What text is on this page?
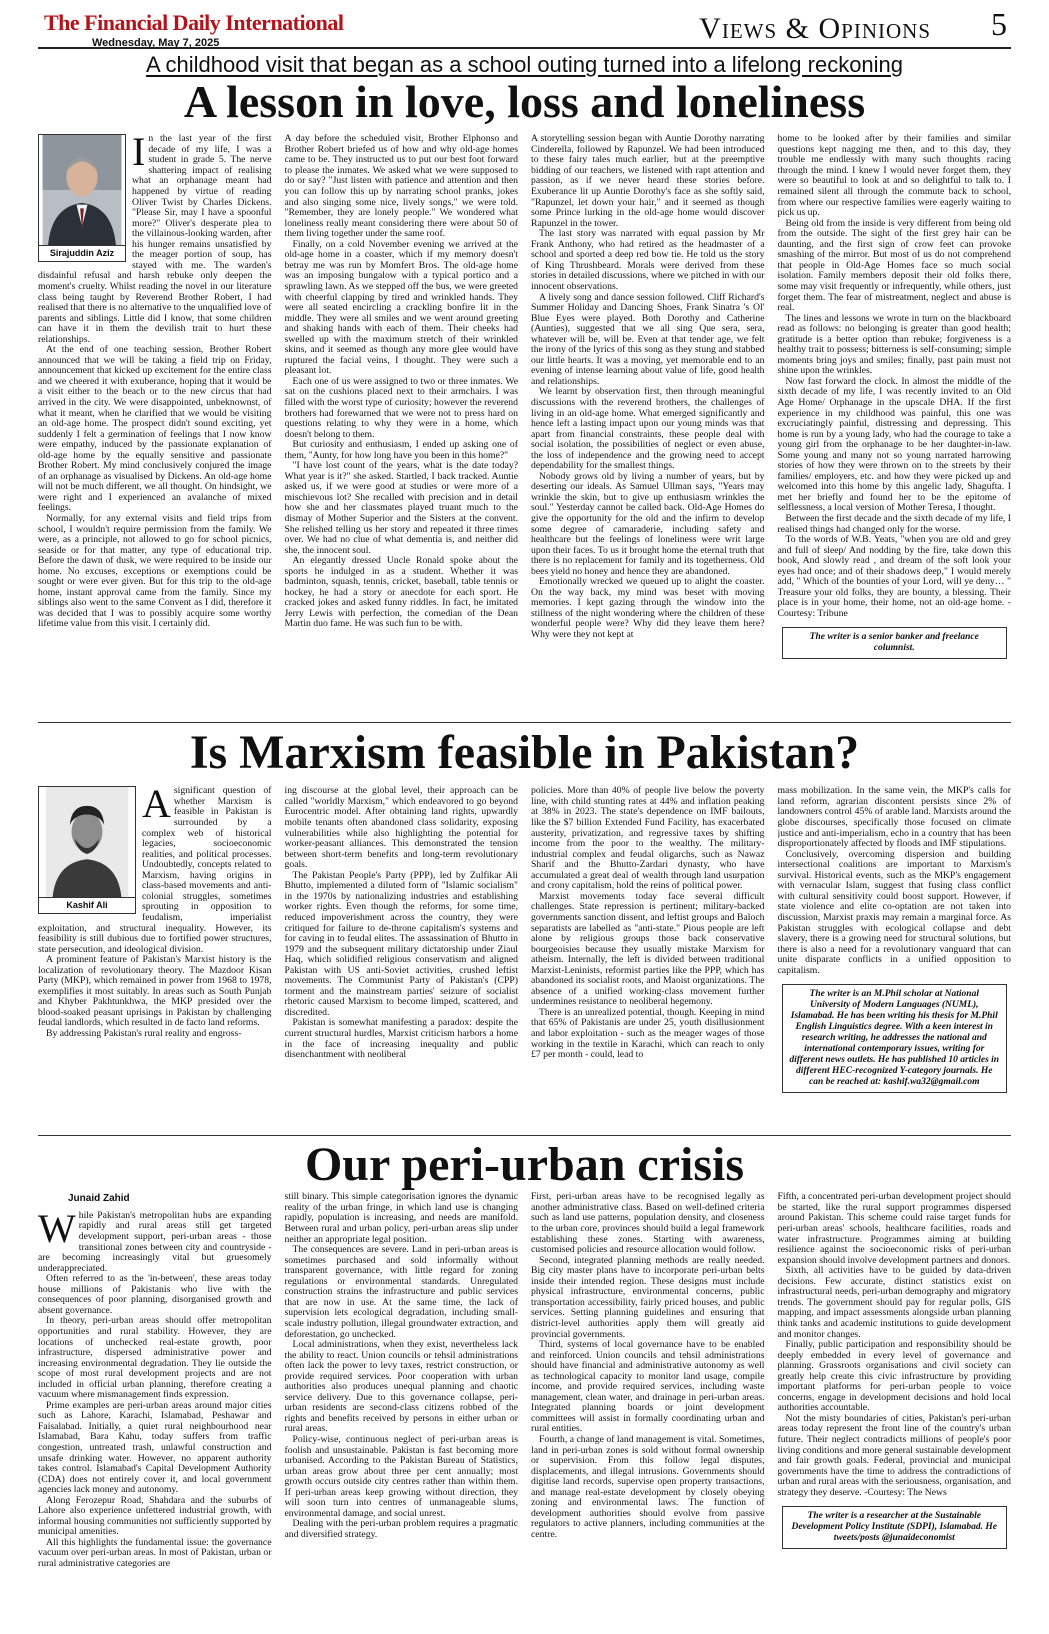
The Financial Daily International
Wednesday, May 7, 2025	Views & Opinions 5
A childhood visit that began as a school outing turned into a lifelong reckoning
A lesson in love, loss and loneliness
Sirajuddin Aziz

In the last year of the first decade of my life, I was a student in grade 5. The nerve shattering impact of realising what an orphanage meant had happened by virtue of reading Oliver Twist by Charles Dickens. "Please Sir, may I have a spoonful more?" Oliver's desperate plea to the villainous-looking warden, after his hunger remains unsatisfied by the meager portion of soup, has stayed with me. The warden's disdainful refusal and harsh rebuke only deepen the moment's cruelty. Whilst reading the novel in our literature class being taught by Reverend Brother Robert, I had realised that there is no alternative to the unqualified love of parents and siblings. Little did I know, that some children can have it in them the devilish trait to hurt these relationships.

At the end of one teaching session, Brother Robert announced that we will be taking a field trip on Friday, announcement that kicked up excitement for the entire class and we cheered it with exuberance, hoping that it would be a visit either to the beach or to the new circus that had arrived in the city. We were disappointed, unbeknownst, of what it meant, when he clarified that we would be visiting an old-age home. The prospect didn't sound exciting, yet suddenly I felt a germination of feelings that I now know were empathy, induced by the passionate explanation of old-age home by the equally sensitive and passionate Brother Robert. My mind conclusively conjured the image of an orphanage as visualised by Dickens. An old-age home will not be much different, we all thought. On hindsight, we were right and I experienced an avalanche of mixed feelings.

Normally, for any external visits and field trips from school, I wouldn't require permission from the family. We were, as a principle, not allowed to go for school picnics, seaside or for that matter, any type of educational trip. Before the dawn of dusk, we were required to be inside our home. No excuses, exceptions or exemptions could be sought or were ever given. But for this trip to the old-age home, instant approval came from the family. Since my siblings also went to the same Convent as I did, therefore it was decided that I was to possibly acquire some worthy lifetime value from this visit. I certainly did.

A day before the scheduled visit, Brother Elphonso and Brother Robert briefed us of how and why old-age homes came to be. They instructed us to put our best foot forward to please the inmates. We asked what we were supposed to do or say? "Just listen with patience and attention and then you can follow this up by narrating school pranks, jokes and also singing some nice, lively songs," we were told. "Remember, they are lonely people." We wondered what loneliness really meant considering there were about 50 of them living together under the same roof.

Finally, on a cold November evening we arrived at the old-age home in a coaster, which if my memory doesn't betray me was run by Momfert Bros. The old-age home was an imposing bungalow with a typical portico and a sprawling lawn. As we stepped off the bus, we were greeted with cheerful clapping by tired and wrinkled hands. They were all seated encircling a crackling bonfire lit in the middle. They were all smiles and we went around greeting and shaking hands with each of them. Their cheeks had swelled up with the maximum stretch of their wrinkled skins, and it seemed as though any more glee would have ruptured the facial veins, I thought. They were such a pleasant lot.

Each one of us were assigned to two or three inmates. We sat on the cushions placed next to their armchairs. I was filled with the worst type of curiosity; however the reverend brothers had forewarned that we were not to press hard on questions relating to why they were in a home, which doesn't belong to them.

But curiosity and enthusiasm, I ended up asking one of them, "Aunty, for how long have you been in this home?"

"I have lost count of the years, what is the date today? What year is it?" she asked. Startled, I back tracked. Auntie asked us, if we were good at studies or were more of a mischievous lot? She recalled with precision and in detail how she and her classmates played truant much to the dismay of Mother Superior and the Sisters at the convent. She relished telling us her story and repeated it three times over. We had no clue of what dementia is, and neither did she, the innocent soul.

An elegantly dressed Uncle Ronald spoke about the sports he indulged in as a student. Whether it was badminton, squash, tennis, cricket, baseball, table tennis or hockey, he had a story or anecdote for each sport. He cracked jokes and asked funny riddles. In fact, he imitated Jerry Lewis with perfection, the comedian of the Dean Martin duo fame. He was such fun to be with.

A storytelling session began with Auntie Dorothy narrating Cinderella, followed by Rapunzel. We had been introduced to these fairy tales much earlier, but at the preemptive bidding of our teachers, we listened with rapt attention and passion, as if we never heard these stories before. Exuberance lit up Auntie Dorothy's face as she softly said, "Rapunzel, let down your hair," and it seemed as though some Prince lurking in the old-age home would discover Rapunzel in the tower.

The last story was narrated with equal passion by Mr Frank Anthony, who had retired as the headmaster of a school and sported a deep red bow tie. He told us the story of King Thrushbeard. Morals were derived from these stories in detailed discussions, where we pitched in with our innocent observations.

A lively song and dance session followed. Cliff Richard's Summer Holiday and Dancing Shoes, Frank Sinatra 's Ol' Blue Eyes were played. Both Dorothy and Catherine (Aunties), suggested that we all sing Que sera, sera, whatever will be, will be. Even at that tender age, we felt the irony of the lyrics of this song as they stung and stabbed our little hearts. It was a moving, yet memorable end to an evening of intense learning about value of life, good health and relationships.

We learnt by observation first, then through meaningful discussions with the reverend brothers, the challenges of living in an old-age home. What emerged significantly and hence left a lasting impact upon our young minds was that apart from financial constraints, these people deal with social isolation, the possibilities of neglect or even abuse, the loss of independence and the growing need to accept dependability for the smallest things.

Nobody grows old by living a number of years, but by deserting our ideals. As Samuel Ullman says, "Years may wrinkle the skin, but to give up enthusiasm wrinkles the soul." Yesterday cannot be called back. Old-Age Homes do give the opportunity for the old and the infirm to develop some degree of camaraderie, including safety and healthcare but the feelings of loneliness were writ large upon their faces. To us it brought home the eternal truth that there is no replacement for family and its togetherness. Old bees yield no honey and hence they are abandoned.

Emotionally wrecked we queued up to alight the coaster. On the way back, my mind was beset with moving memories. I kept gazing through the window into the stillness of the night wondering where the children of these wonderful people were? Why did they leave them here? Why were they not kept at

home to be looked after by their families and similar questions kept nagging me then, and to this day, they trouble me endlessly with many such thoughts racing through the mind. I knew I would never forget them, they were so beautiful to look at and so delightful to talk to. I remained silent all through the commute back to school, from where our respective families were eagerly waiting to pick us up.

Being old from the inside is very different from being old from the outside. The sight of the first grey hair can be daunting, and the first sign of crow feet can provoke smashing of the mirror. But most of us do not comprehend that people in Old-Age Homes face so much social isolation. Family members deposit their old folks there, some may visit frequently or infrequently, while others, just forget them. The fear of mistreatment, neglect and abuse is real.

The lines and lessons we wrote in turn on the blackboard read as follows: no belonging is greater than good health; gratitude is a better option than rebuke; forgiveness is a healthy trait to possess; bitterness is self-consuming; simple moments bring joys and smiles; finally, past pain must not shine upon the wrinkles.

Now fast forward the clock. In almost the middle of the sixth decade of my life, I was recently invited to an Old Age Home/ Orphanage in the upscale DHA. If the first experience in my childhood was painful, this one was excruciatingly painful, distressing and depressing. This home is run by a young lady, who had the courage to take a young girl from the orphanage to be her daughter-in-law. Some young and many not so young narrated harrowing stories of how they were thrown on to the streets by their families/ employers, etc. and how they were picked up and welcomed into this home by this angelic lady, Shagufta. I met her briefly and found her to be the epitome of selflessness, a local version of Mother Teresa, I thought.

Between the first decade and the sixth decade of my life, I realised things had changed only for the worse.

To the words of W.B. Yeats, "when you are old and grey and full of sleep/ And nodding by the fire, take down this book, And slowly read , and dream of the soft look your eyes had once; and of their shadows deep," I would merely add, " Which of the bounties of your Lord, will ye deny… " Treasure your old folks, they are bounty, a blessing. Their place is in your home, their home, not an old-age home. -Courtesy: Tribune

The writer is a senior banker and freelance columnist.
Is Marxism feasible in Pakistan?
Kashif Ali

A significant question of whether Marxism is feasible in Pakistan is surrounded by a complex web of historical legacies, socioeconomic realities, and political processes. Undoubtedly, concepts related to Marxism, having origins in class-based movements and anti-colonial struggles, sometimes sprouting in opposition to feudalism, imperialist exploitation, and structural inequality. However, its feasibility is still dubious due to fortified power structures, state persecution, and ideological division.

A prominent feature of Pakistan's Marxist history is the localization of revolutionary theory. The Mazdoor Kisan Party (MKP), which remained in power from 1968 to 1978, exemplifies it most suitably. In areas such as South Punjab and Khyber Pakhtunkhwa, the MKP presided over the blood-soaked peasant uprisings in Pakistan by challenging feudal landlords, which resulted in de facto land reforms.

By addressing Pakistan's rural reality and engross-

ing discourse at the global level, their approach can be called "worldly Marxism," which endeavored to go beyond Eurocentric model. After obtaining land rights, upwardly mobile tenants often abandoned class solidarity, exposing vulnerabilities while also highlighting the potential for worker-peasant alliances. This demonstrated the tension between short-term benefits and long-term revolutionary goals.

The Pakistan People's Party (PPP), led by Zulfikar Ali Bhutto, implemented a diluted form of "Islamic socialism" in the 1970s by nationalizing industries and establishing worker rights. Even though the reforms, for some time, reduced impoverishment across the country, they were critiqued for failure to de-throne capitalism's systems and for caving in to feudal elites. The assassination of Bhutto in 1979 and the subsequent military dictatorship under Ziaul Haq, which solidified religious conservatism and aligned Pakistan with US anti-Soviet activities, crushed leftist movements. The Communist Party of Pakistan's (CPP) torment and the mainstream parties' seizure of socialist rhetoric caused Marxism to become limped, scattered, and discredited.

Pakistan is somewhat manifesting a paradox: despite the current structural hurdles, Marxist criticism harbors a home in the face of increasing inequality and public disenchantment with neoliberal

policies. More than 40% of people live below the poverty line, with child stunting rates at 44% and inflation peaking at 38% in 2023. The state's dependence on IMF bailouts, like the $7 billion Extended Fund Facility, has exacerbated austerity, privatization, and regressive taxes by shifting income from the poor to the wealthy. The military-industrial complex and feudal oligarchs, such as Nawaz Sharif and the Bhutto-Zardari dynasty, who have accumulated a great deal of wealth through land usurpation and crony capitalism, hold the reins of political power.

Marxist movements today face several difficult challenges. State repression is pertinent; military-backed governments sanction dissent, and leftist groups and Baloch separatists are labelled as "anti-state." Pious people are left alone by religious groups those back conservative bourgeoisies because they usually mistake Marxism for atheism. Internally, the left is divided between traditional Marxist-Leninists, reformist parties like the PPP, which has abandoned its socialist roots, and Maoist organizations. The absence of a unified working-class movement further undermines resistance to neoliberal hegemony.

There is an unrealized potential, though. Keeping in mind that 65% of Pakistanis are under 25, youth disillusionment and labor exploitation - such as the meager wages of those working in the textile in Karachi, which can reach to only £7 per month - could, lead to

mass mobilization. In the same vein, the MKP's calls for land reform, agrarian discontent persists since 2% of landowners control 45% of arable land. Marxists around the globe discourses, specifically those focused on climate justice and anti-imperialism, echo in a country that has been disproportionately affected by floods and IMF stipulations.

Conclusively, overcoming dispersion and building intersectional coalitions are important to Marxism's survival. Historical events, such as the MKP's engagement with vernacular Islam, suggest that fusing class conflict with cultural sensitivity could boost support. However, if state violence and elite co-optation are not taken into discussion, Marxist praxis may remain a marginal force. As Pakistan struggles with ecological collapse and debt slavery, there is a growing need for structural solutions, but there is also a need for a revolutionary vanguard that can unite disparate conflicts in a unified opposition to capitalism.

The writer is an M.Phil scholar at National University of Modern Languages (NUML), Islamabad. He has been writing his thesis for M.Phil English Linguistics degree. With a keen interest in research writing, he addresses the national and international contemporary issues, writing for different news outlets. He has published 10 articles in different HEC-recognized Y-category journals. He can be reached at: kashif.wa32@gmail.com
Our peri-urban crisis
Junaid Zahid

While Pakistan's metropolitan hubs are expanding rapidly and rural areas still get targeted development support, peri-urban areas - those transitional zones between city and countryside - are becoming increasingly vital but gruesomely underappreciated.

Often referred to as the 'in-between', these areas today house millions of Pakistanis who live with the consequences of poor planning, disorganised growth and absent governance.

In theory, peri-urban areas should offer metropolitan opportunities and rural stability. However, they are locations of unchecked real-estate growth, poor infrastructure, dispersed administrative power and increasing environmental degradation. They lie outside the scope of most rural development projects and are not included in official urban planning, therefore creating a vacuum where mismanagement finds expression.

Prime examples are peri-urban areas around major cities such as Lahore, Karachi, Islamabad, Peshawar and Faisalabad. Initially, a quiet rural neighbourhood near Islamabad, Bara Kahu, today suffers from traffic congestion, untreated trash, unlawful construction and unsafe drinking water. However, no apparent authority takes control. Islamabad's Capital Development Authority (CDA) does not entirely cover it, and local government agencies lack money and autonomy.

Along Ferozepur Road, Shahdara and the suburbs of Lahore also experience unfettered industrial growth, with informal housing communities not sufficiently supported by municipal amenities.

All this highlights the fundamental issue: the governance vacuum over peri-urban areas. In most of Pakistan, urban or rural administrative categories are

still binary. This simple categorisation ignores the dynamic reality of the urban fringe, in which land use is changing rapidly, population is increasing, and needs are manifold. Between rural and urban policy, peri-urban areas slip under neither an appropriate legal position.

The consequences are severe. Land in peri-urban areas is sometimes purchased and sold informally without transparent governance, with little regard for zoning regulations or environmental standards. Unregulated construction strains the infrastructure and public services that are now in use. At the same time, the lack of supervision lets ecological degradation, including small-scale industry pollution, illegal groundwater extraction, and deforestation, go unchecked.

Local administrations, when they exist, nevertheless lack the ability to react. Union councils or tehsil administrations often lack the power to levy taxes, restrict construction, or provide required services. Poor cooperation with urban authorities also produces unequal planning and chaotic service delivery. Due to this governance collapse, peri-urban residents are second-class citizens robbed of the rights and benefits received by persons in either urban or rural areas.

Policy-wise, continuous neglect of peri-urban areas is foolish and unsustainable. Pakistan is fast becoming more urbanised. According to the Pakistan Bureau of Statistics, urban areas grow about three per cent annually; most growth occurs outside city centres rather than within them. If peri-urban areas keep growing without direction, they will soon turn into centres of unmanageable slums, environmental damage, and social unrest.

Dealing with the peri-urban problem requires a pragmatic and diversified strategy.

First, peri-urban areas have to be recognised legally as another administrative class. Based on well-defined criteria such as land use patterns, population density, and closeness to the urban core, provinces should build a legal framework establishing these zones. Starting with awareness, customised policies and resource allocation would follow.

Second, integrated planning methods are really needed. Big city master plans have to incorporate peri-urban belts inside their intended region. These designs must include physical infrastructure, environmental concerns, public transportation accessibility, fairly priced houses, and public services. Setting planning guidelines and ensuring that district-level authorities apply them will greatly aid provincial governments.

Third, systems of local governance have to be enabled and reinforced. Union councils and tehsil administrations should have financial and administrative autonomy as well as technological capacity to monitor land usage, compile income, and provide required services, including waste management, clean water, and drainage in peri-urban areas. Integrated planning boards or joint development committees will assist in formally coordinating urban and rural entities.

Fourth, a change of land management is vital. Sometimes, land in peri-urban zones is sold without formal ownership or supervision. From this follow legal disputes, displacements, and illegal intrusions. Governments should digitise land records, supervise open property transactions, and manage real-estate development by closely obeying zoning and environmental laws. The function of development authorities should evolve from passive regulators to active planners, including communities at the centre.

Fifth, a concentrated peri-urban development project should be started, like the rural support programmes dispersed around Pakistan. This scheme could raise target funds for peri-urban areas' schools, healthcare facilities, roads and water infrastructure. Programmes aiming at building resilience against the socioeconomic risks of peri-urban expansion should involve development partners and donors.

Sixth, all activities have to be guided by data-driven decisions. Few accurate, distinct statistics exist on infrastructural needs, peri-urban demography and migratory trends. The government should pay for regular polls, GIS mapping, and impact assessments alongside urban planning think tanks and academic institutions to guide development and monitor changes.

Finally, public participation and responsibility should be deeply embedded in every level of governance and planning. Grassroots organisations and civil society can greatly help create this civic infrastructure by providing important platforms for peri-urban people to voice concerns, engage in development decisions and hold local authorities accountable.

Not the misty boundaries of cities, Pakistan's peri-urban areas today represent the front line of the country's urban future. Their neglect contradicts millions of people's poor living conditions and more general sustainable development and fair growth goals. Federal, provincial and municipal governments have the time to address the contradictions of urban and rural areas with the seriousness, organisation, and strategy they deserve. -Courtesy: The News

The writer is a researcher at the Sustainable Development Policy Institute (SDPI), Islamabad. He tweets/posts @junaideconomist
